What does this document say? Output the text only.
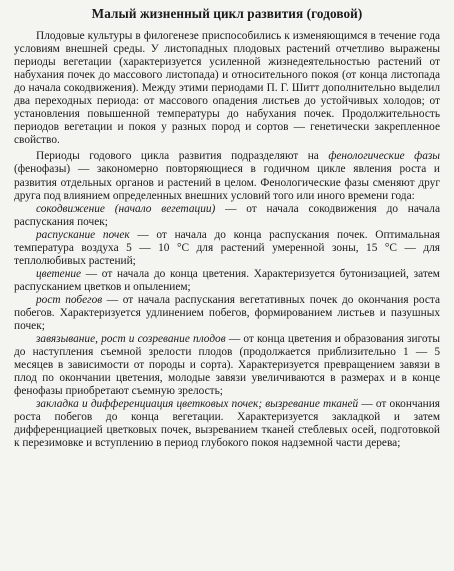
Малый жизненный цикл развития (годовой)

Плодовые культуры в филогенезе приспособились к изменяющимся в течение года условиям внешней среды. У листопадных плодовых растений отчетливо выражены периоды вегетации (характеризуется усиленной жизнедеятельностью растений от набухания почек до массового листопада) и относительного покоя (от конца листопада до начала сокодвижения). Между этими периодами П. Г. Шитт дополнительно выделил два переходных периода: от массового опадения листьев до устойчивых холодов; от установления повышенной температуры до набухания почек. Продолжительность периодов вегетации и покоя у разных пород и сортов — генетически закрепленное свойство.

Периоды годового цикла развития подразделяют на фенологические фазы (фенофазы) — закономерно повторяющиеся в годичном цикле явления роста и развития отдельных органов и растений в целом. Фенологические фазы сменяют друг друга под влиянием определенных внешних условий того или иного времени года:

сокодвижение (начало вегетации) — от начала сокодвижения до начала распускания почек;

распускание почек — от начала до конца распускания почек. Оптимальная температура воздуха 5 — 10 °С для растений умеренной зоны, 15 °С — для теплолюбивых растений;

цветение — от начала до конца цветения. Характеризуется бутонизацией, затем распусканием цветков и опылением;

рост побегов — от начала распускания вегетативных почек до окончания роста побегов. Характеризуется удлинением побегов, формированием листьев и пазушных почек;

завязывание, рост и созревание плодов — от конца цветения и образования зиготы до наступления съемной зрелости плодов (продолжается приблизительно 1 — 5 месяцев в зависимости от породы и сорта). Характеризуется превращением завязи в плод по окончании цветения, молодые завязи увеличиваются в размерах и в конце фенофазы приобретают съемную зрелость;

закладка и дифференциация цветковых почек; вызревание тканей — от окончания роста побегов до конца вегетации. Характеризуется закладкой и затем дифференциацией цветковых почек, вызреванием тканей стеблевых осей, подготовкой к перезимовке и вступлению в период глубокого покоя надземной части дерева;
